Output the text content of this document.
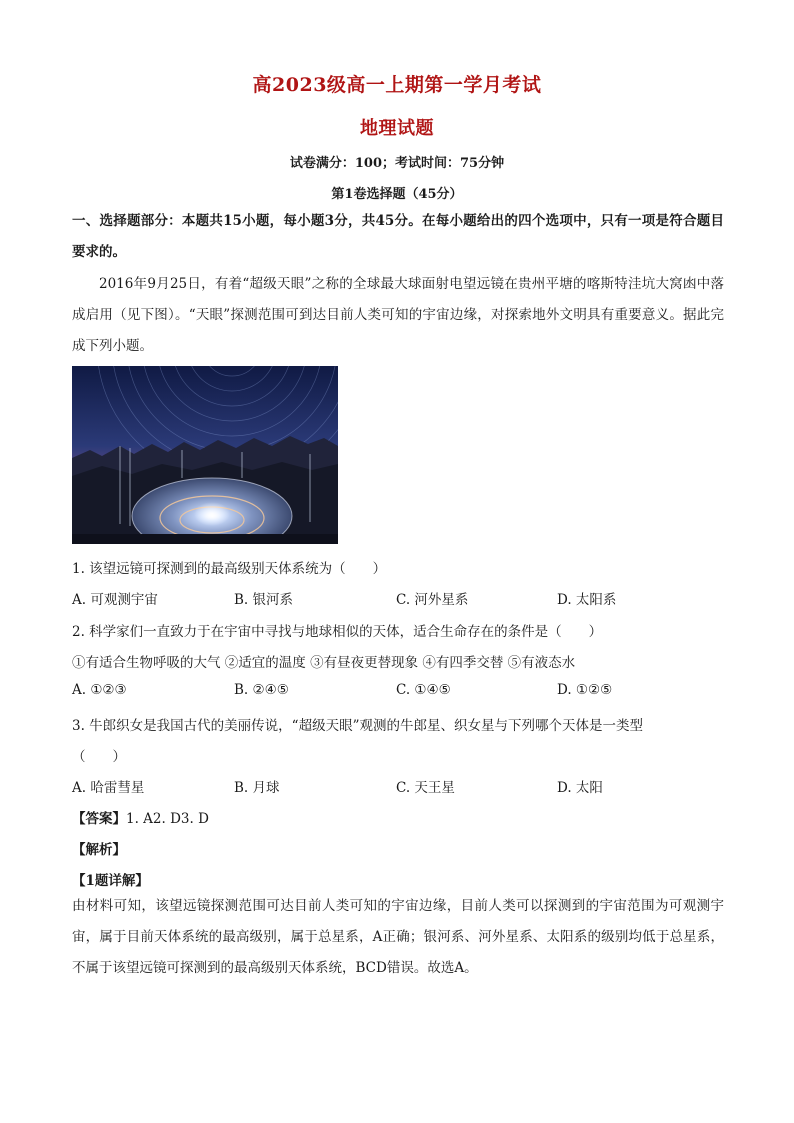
高2023级高一上期第一学月考试
地理试题
试卷满分：100；考试时间：75分钟
第1卷选择题（45分）
一、选择题部分：本题共15小题，每小题3分，共45分。在每小题给出的四个选项中，只有一项是符合题目要求的。
2016年9月25日，有着“超级天眼”之称的全球最大球面射电望远镜在贵州平塘的喀斯特洼坑大窝凼中落成启用（见下图）。“天眼”探测范围可到达目前人类可知的宇宙边缘，对探索地外文明具有重要意义。据此完成下列小题。
1. 该望远镜可探测到的最高级别天体系统为（　　）
A. 可观测宇宙	B. 银河系	C. 河外星系	D. 太阳系
2. 科学家们一直致力于在宇宙中寻找与地球相似的天体，适合生命存在的条件是（　　）
①有适合生物呼吸的大气 ②适宜的温度 ③有昼夜更替现象 ④有四季交替 ⑤有液态水
A. ①②③	B. ②④⑤	C. ①④⑤	D. ①②⑤
3. 牛郎织女是我国古代的美丽传说，“超级天眼”观测的牛郎星、织女星与下列哪个天体是一类型
（　　）
A. 哈雷彗星	B. 月球	C. 天王星	D. 太阳
【答案】1. A2. D3. D
【解析】
【1题详解】
由材料可知，该望远镜探测范围可达目前人类可知的宇宙边缘，目前人类可以探测到的宇宙范围为可观测宇宙，属于目前天体系统的最高级别，属于总星系，A正确；银河系、河外星系、太阳系的级别均低于总星系，不属于该望远镜可探测到的最高级别天体系统，BCD错误。故选A。
